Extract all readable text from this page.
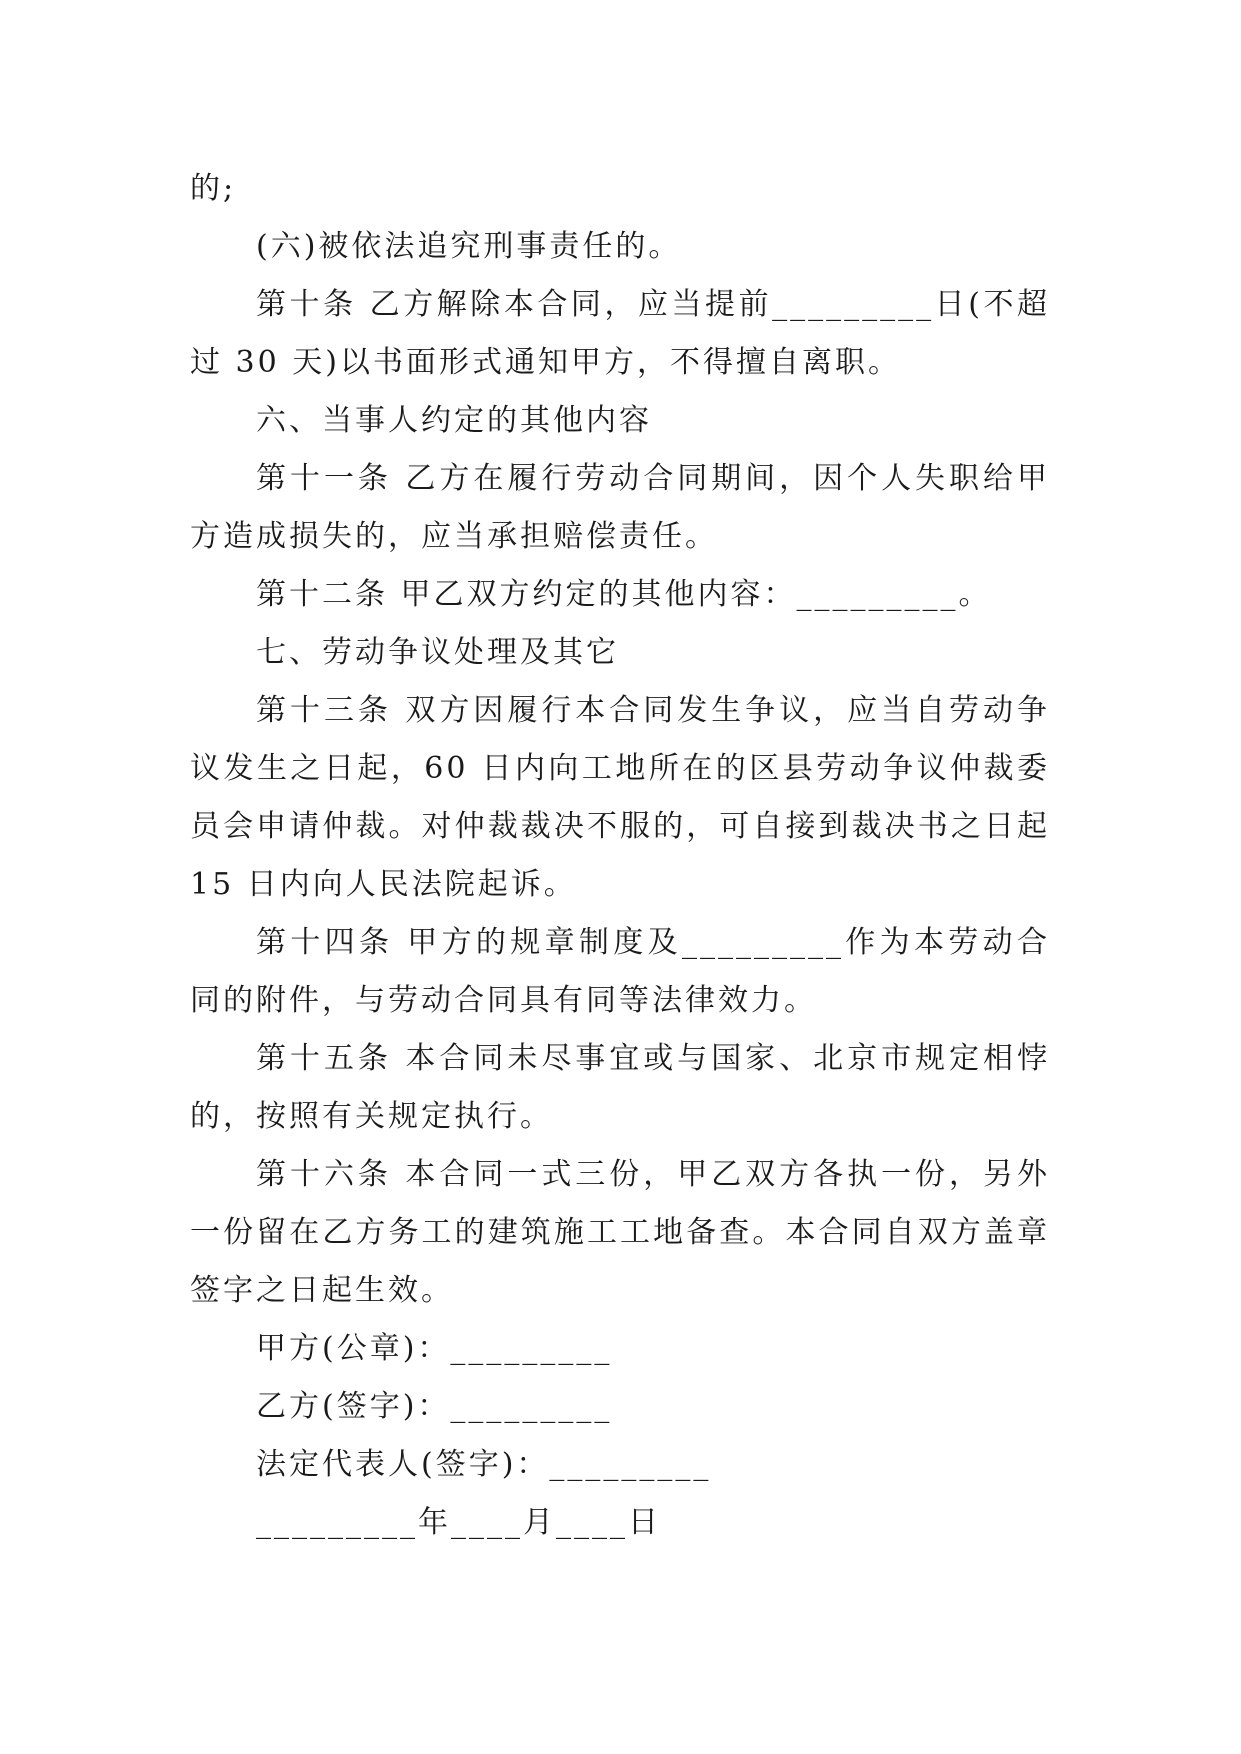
的;

(六)被依法追究刑事责任的。

第十条 乙方解除本合同，应当提前_________日(不超过 30 天)以书面形式通知甲方，不得擅自离职。

六、当事人约定的其他内容

第十一条 乙方在履行劳动合同期间，因个人失职给甲方造成损失的，应当承担赔偿责任。

第十二条 甲乙双方约定的其他内容：_________。

七、劳动争议处理及其它

第十三条 双方因履行本合同发生争议，应当自劳动争议发生之日起，60 日内向工地所在的区县劳动争议仲裁委员会申请仲裁。对仲裁裁决不服的，可自接到裁决书之日起 15 日内向人民法院起诉。

第十四条 甲方的规章制度及_________作为本劳动合同的附件，与劳动合同具有同等法律效力。

第十五条 本合同未尽事宜或与国家、北京市规定相悖的，按照有关规定执行。

第十六条 本合同一式三份，甲乙双方各执一份，另外一份留在乙方务工的建筑施工工地备查。本合同自双方盖章签字之日起生效。

甲方(公章)：_________

乙方(签字)：_________

法定代表人(签字)：_________

_________年____月____日
